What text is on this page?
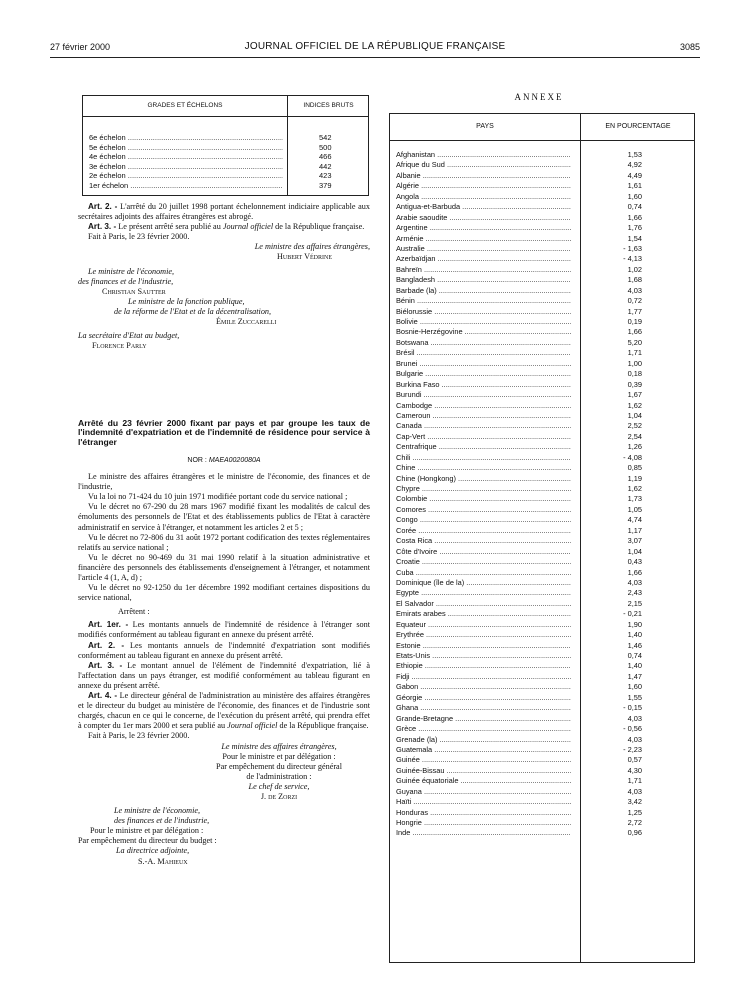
27 février 2000	JOURNAL OFFICIEL DE LA RÉPUBLIQUE FRANÇAISE	3085
GRADES ET ÉCHELONS	INDICES BRUTS
6e échelon .....	542
5e échelon .....	500
4e échelon .....	466
3e échelon .....	442
2e échelon .....	423
1er échelon .....	379

Art. 2. - L'arrêté du 20 juillet 1998 portant échelonnement indiciaire applicable aux secrétaires adjoints des affaires étrangères est abrogé.

Art. 3. - Le présent arrêté sera publié au Journal officiel de la République française.

Fait à Paris, le 23 février 2000.

Le ministre des affaires étrangères,

Hubert Védrine

Le ministre de l'économie,

des finances et de l'industrie,

Christian Sautter

Le ministre de la fonction publique,

de la réforme de l'Etat et de la décentralisation,

Émile Zuccarelli

La secrétaire d'Etat au budget,

Florence Parly

Arrêté du 23 février 2000 fixant par pays et par groupe les taux de l'indemnité d'expatriation et de l'indemnité de résidence pour service à l'étranger

NOR : MAEA0020080A

Le ministre des affaires étrangères et le ministre de l'économie, des finances et de l'industrie,

Vu la loi no 71-424 du 10 juin 1971 modifiée portant code du service national ;

Vu le décret no 67-290 du 28 mars 1967 modifié fixant les modalités de calcul des émoluments des personnels de l'Etat et des établissements publics de l'Etat à caractère administratif en service à l'étranger, et notamment les articles 2 et 5 ;

Vu le décret no 72-806 du 31 août 1972 portant codification des textes réglementaires relatifs au service national ;

Vu le décret no 90-469 du 31 mai 1990 relatif à la situation administrative et financière des personnels des établissements d'enseignement à l'étranger, et notamment l'article 4 (1, A, d) ;

Vu le décret no 92-1250 du 1er décembre 1992 modifiant certaines dispositions du service national,

Arrêtent :

Art. 1er. - Les montants annuels de l'indemnité de résidence à l'étranger sont modifiés conformément au tableau figurant en annexe du présent arrêté.

Art. 2. - Les montants annuels de l'indemnité d'expatriation sont modifiés conformément au tableau figurant en annexe du présent arrêté.

Art. 3. - Le montant annuel de l'élément de l'indemnité d'expatriation, lié à l'affectation dans un pays étranger, est modifié conformément au tableau figurant en annexe du présent arrêté.

Art. 4. - Le directeur général de l'administration au ministère des affaires étrangères et le directeur du budget au ministère de l'économie, des finances et de l'industrie sont chargés, chacun en ce qui le concerne, de l'exécution du présent arrêté, qui prendra effet à compter du 1er mars 2000 et sera publié au Journal officiel de la République française.

Fait à Paris, le 23 février 2000.

Le ministre des affaires étrangères,

Pour le ministre et par délégation :

Par empêchement du directeur général

de l'administration :

Le chef de service,

J. de Zorzi

Le ministre de l'économie,

des finances et de l'industrie,

Pour le ministre et par délégation :

Par empêchement du directeur du budget :

La directrice adjointe,

S.-A. Mahieux

ANNEXE
PAYS	EN POURCENTAGE
Afghanistan .....	1,53
Afrique du Sud .....	4,92
Albanie .....	4,49
Algérie .....	1,61
Angola .....	1,60
Antigua-et-Barbuda .....	0,74
Arabie saoudite .....	1,66
Argentine .....	1,76
Arménie .....	1,54
Australie .....	- 1,63
Azerbaïdjan .....	- 4,13
Bahreïn .....	1,02
Bangladesh .....	1,68
Barbade (la) .....	4,03
Bénin .....	0,72
Biélorussie .....	1,77
Bolivie .....	0,19
Bosnie-Herzégovine .....	1,66
Botswana .....	5,20
Brésil .....	1,71
Brunei .....	1,00
Bulgarie .....	0,18
Burkina Faso .....	0,39
Burundi .....	1,67
Cambodge .....	1,62
Cameroun .....	1,04
Canada .....	2,52
Cap-Vert .....	2,54
Centrafrique .....	1,26
Chili .....	- 4,08
Chine .....	0,85
Chine (Hongkong) .....	1,19
Chypre .....	1,62
Colombie .....	1,73
Comores .....	1,05
Congo .....	4,74
Corée .....	1,17
Costa Rica .....	3,07
Côte d'Ivoire .....	1,04
Croatie .....	0,43
Cuba .....	1,66
Dominique (île de la) .....	4,03
Egypte .....	2,43
El Salvador .....	2,15
Emirats arabes .....	- 0,21
Equateur .....	1,90
Erythrée .....	1,40
Estonie .....	1,46
Etats-Unis .....	0,74
Ethiopie .....	1,40
Fidji .....	1,47
Gabon .....	1,60
Géorgie .....	1,55
Ghana .....	- 0,15
Grande-Bretagne .....	4,03
Grèce .....	- 0,56
Grenade (la) .....	4,03
Guatemala .....	- 2,23
Guinée .....	0,57
Guinée-Bissau .....	4,30
Guinée équatoriale .....	1,71
Guyana .....	4,03
Haïti .....	3,42
Honduras .....	1,25
Hongrie .....	2,72
Inde .....	0,96
